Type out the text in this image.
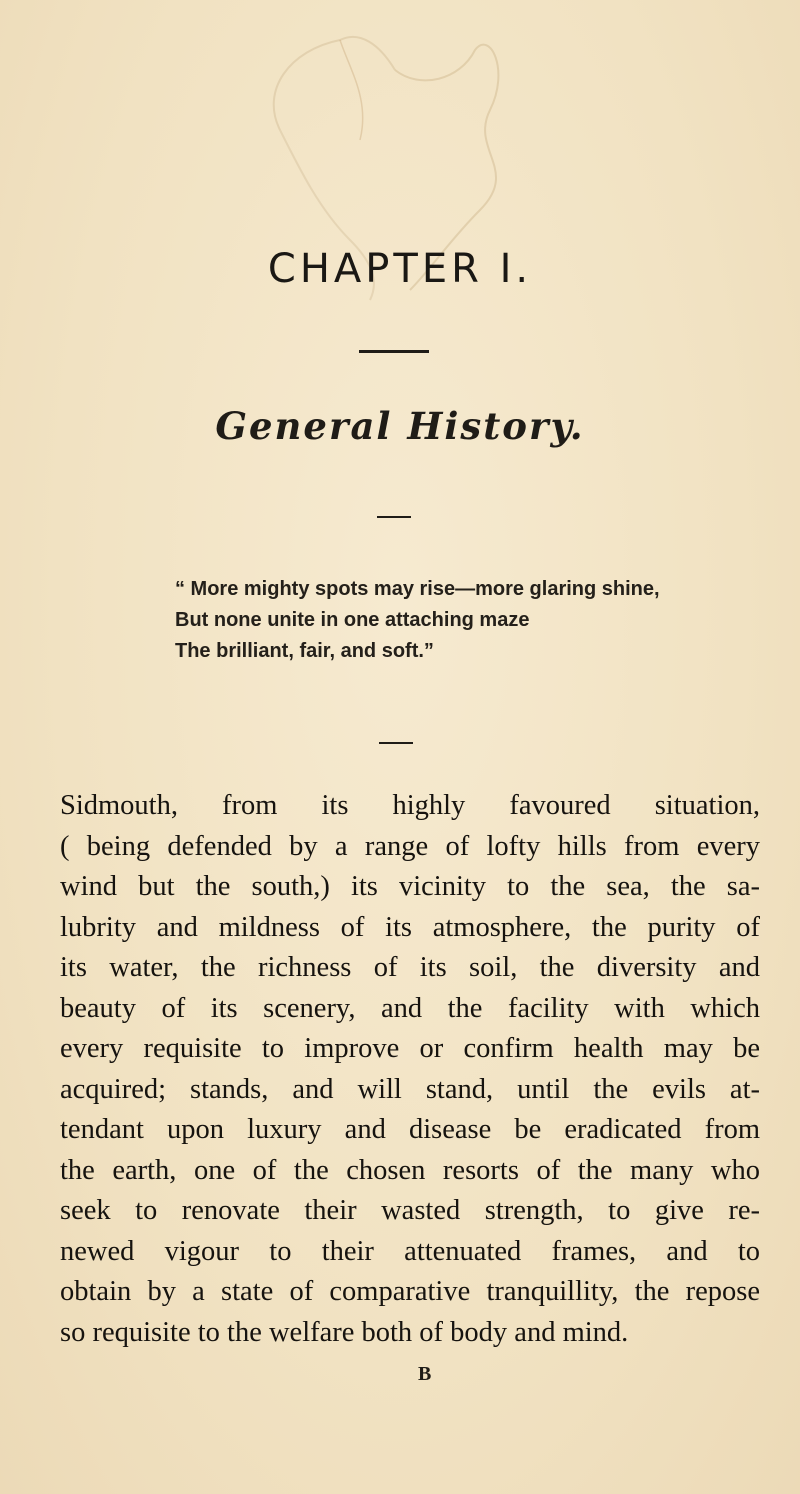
CHAPTER I.
General History.
“ More mighty spots may rise—more glaring shine,
But none unite in one attaching maze
The brilliant, fair, and soft.”
Sidmouth, from its highly favoured situation,
( being defended by a range of lofty hills from every
wind but the south,) its vicinity to the sea, the sa-
lubrity and mildness of its atmosphere, the purity of
its water, the richness of its soil, the diversity and
beauty of its scenery, and the facility with which
every requisite to improve or confirm health may be
acquired; stands, and will stand, until the evils at-
tendant upon luxury and disease be eradicated from
the earth, one of the chosen resorts of the many who
seek to renovate their wasted strength, to give re-
newed vigour to their attenuated frames, and to
obtain by a state of comparative tranquillity, the repose
so requisite to the welfare both of body and mind.
B
